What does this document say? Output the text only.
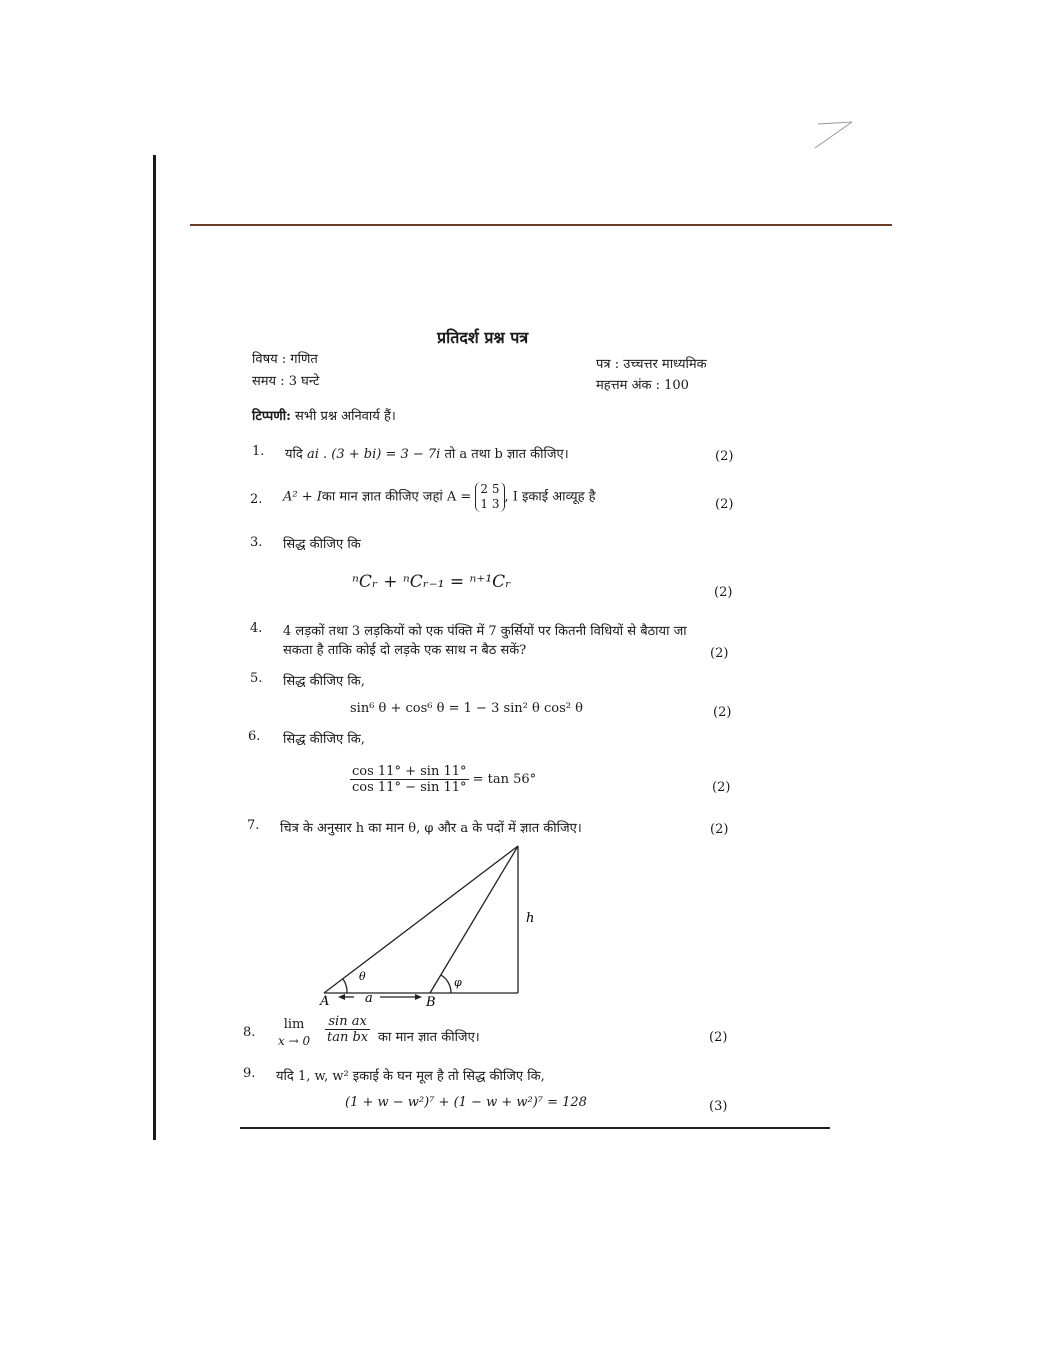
प्रतिदर्श प्रश्न पत्र
विषय : गणित
समय : 3 घन्टे
पत्र : उच्चत्तर माध्यमिक
महत्तम अंक : 100
टिप्पणी: सभी प्रश्न अनिवार्य हैं।
1. यदि ai . (3 + bi) = 3 − 7i तो a तथा b ज्ञात कीजिए।	(2)
2. A² + Iका मान ज्ञात कीजिए जहां A =
2 5
1 3 , I इकाई आव्यूह है	(2)
3. सिद्ध कीजिए कि
ⁿCᵣ + ⁿCᵣ₋₁ = ⁿ⁺¹Cᵣ
(2)
4. 4 लड़कों तथा 3 लड़कियों को एक पंक्ति में 7 कुर्सियों पर कितनी विधियों से बैठाया जा
सकता है ताकि कोई दो लड़के एक साथ न बैठ सकें?	(2)
5. सिद्ध कीजिए कि,
sin⁶ θ + cos⁶ θ = 1 − 3 sin² θ cos² θ	(2)
6. सिद्ध कीजिए कि,
$\frac{\cos 11^\circ + \sin 11^\circ}{\cos 11^\circ - \sin 11^\circ} = \tan 56^\circ$
(2)
7. चित्र के अनुसार h का मान θ, φ और a के पदों में ज्ञात कीजिए।	(2)
A	B
a
h
θ	φ
8.
lim
$x \to 0 \frac{\text{sin ax}}{\text{tan bx}}$ का मान ज्ञात कीजिए।	(2)
9. यदि 1, w, w² इकाई के घन मूल है तो सिद्ध कीजिए कि,
(1 + w − w²)⁷ + (1 − w + w²)⁷ = 128	(3)
